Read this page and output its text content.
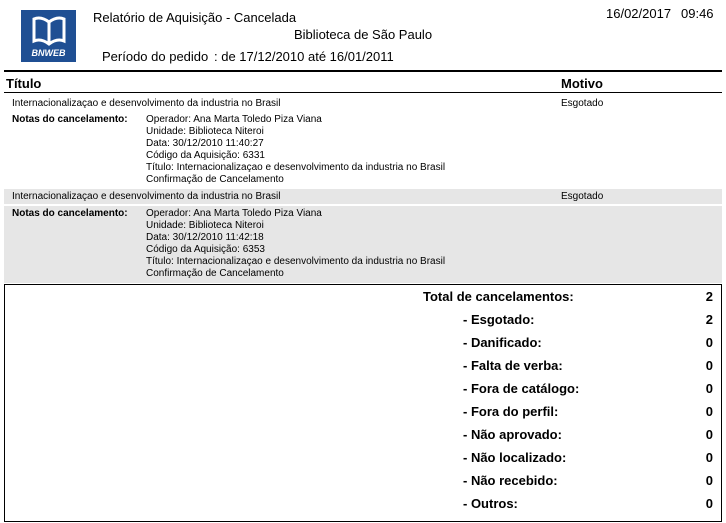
BNWEB
Relatório de Aquisição - Cancelada
Biblioteca de São Paulo
Período do pedido : de 17/12/2010 até 16/01/2011
16/02/2017 09:46
Título	Motivo
Internacionalizaçao e desenvolvimento da industria no Brasil	Esgotado
Notas do cancelamento: Operador: Ana Marta Toledo Piza Viana
Unidade: Biblioteca Niteroi
Data: 30/12/2010 11:40:27
Código da Aquisição: 6331
Título: Internacionalizaçao e desenvolvimento da industria no Brasil
Confirmação de Cancelamento
Internacionalizaçao e desenvolvimento da industria no Brasil	Esgotado
Notas do cancelamento: Operador: Ana Marta Toledo Piza Viana
Unidade: Biblioteca Niteroi
Data: 30/12/2010 11:42:18
Código da Aquisição: 6353
Título: Internacionalizaçao e desenvolvimento da industria no Brasil
Confirmação de Cancelamento
Total de cancelamentos:	2
- Esgotado:	2
- Danificado:	0
- Falta de verba:	0
- Fora de catálogo:	0
- Fora do perfil:	0
- Não aprovado:	0
- Não localizado:	0
- Não recebido:	0
- Outros:	0
